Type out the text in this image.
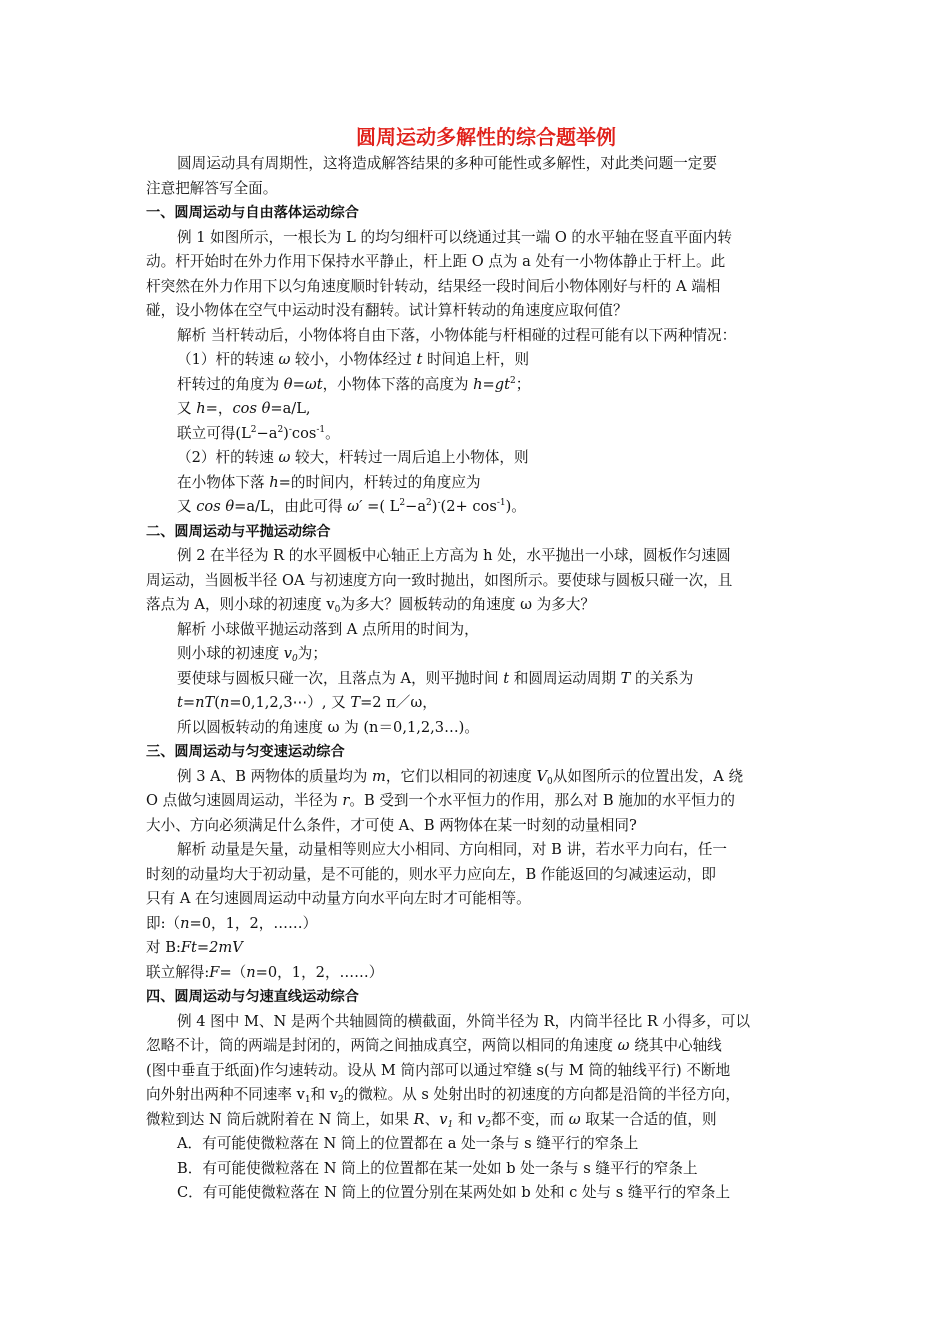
圆周运动多解性的综合题举例
圆周运动具有周期性，这将造成解答结果的多种可能性或多解性，对此类问题一定要
注意把解答写全面。
一、圆周运动与自由落体运动综合
例 1 如图所示，一根长为 L 的均匀细杆可以绕通过其一端 O 的水平轴在竖直平面内转
动。杆开始时在外力作用下保持水平静止，杆上距 O 点为 a 处有一小物体静止于杆上。此
杆突然在外力作用下以匀角速度顺时针转动，结果经一段时间后小物体刚好与杆的 A 端相
碰，设小物体在空气中运动时没有翻转。试计算杆转动的角速度应取何值？
解析 当杆转动后，小物体将自由下落，小物体能与杆相碰的过程可能有以下两种情况：
（1）杆的转速 ω 较小，小物体经过 t 时间追上杆，则
杆转过的角度为 θ=ωt，小物体下落的高度为 $h=gt^2$；
又 h=，cos θ=a/L,
联立可得$(L^2-a^2)^-\cos^{-1}$。
（2）杆的转速 ω 较大，杆转过一周后追上小物体，则
在小物体下落 h=的时间内，杆转过的角度应为
又 cos θ=a/L，由此可得 ω′ =( $L^2-a^2)^-(2+ \cos^{-1})$。
二、圆周运动与平抛运动综合
例 2 在半径为 R 的水平圆板中心轴正上方高为 h 处，水平抛出一小球，圆板作匀速圆
周运动，当圆板半径 OA 与初速度方向一致时抛出，如图所示。要使球与圆板只碰一次，且
落点为 A，则小球的初速度 $v_0$为多大？圆板转动的角速度 ω 为多大？
解析 小球做平抛运动落到 A 点所用的时间为，
则小球的初速度 $v_0$为；
要使球与圆板只碰一次，且落点为 A，则平抛时间 t 和圆周运动周期 T 的关系为
t=nT(n=0,1,2,3⋯）, 又 T=2 π／ω，
所以圆板转动的角速度 ω 为 (n＝0,1,2,3…)。
三、圆周运动与匀变速运动综合
例 3 A、B 两物体的质量均为 m，它们以相同的初速度 $V_0$从如图所示的位置出发，A 绕
O 点做匀速圆周运动，半径为 r。B 受到一个水平恒力的作用，那么对 B 施加的水平恒力的
大小、方向必须满足什么条件，才可使 A、B 两物体在某一时刻的动量相同?
解析 动量是矢量，动量相等则应大小相同、方向相同，对 B 讲，若水平力向右，任一
时刻的动量均大于初动量，是不可能的，则水平力应向左，B 作能返回的匀减速运动，即
只有 A 在匀速圆周运动中动量方向水平向左时才可能相等。
即:（n=0，1，2，……）
对 B:Ft=2mV
联立解得:F=（n=0，1，2，……）
四、圆周运动与匀速直线运动综合
例 4 图中 M、N 是两个共轴圆筒的横截面，外筒半径为 R，内筒半径比 R 小得多，可以
忽略不计，筒的两端是封闭的，两筒之间抽成真空，两筒以相同的角速度 ω 绕其中心轴线
(图中垂直于纸面)作匀速转动。设从 M 筒内部可以通过窄缝 s(与 M 筒的轴线平行) 不断地
向外射出两种不同速率 $v_1$和 $v_2$的微粒。从 s 处射出时的初速度的方向都是沿筒的半径方向，
微粒到达 N 筒后就附着在 N 筒上，如果 R、$v_1$ 和 $v_2$都不变，而 ω 取某一合适的值，则
A．有可能使微粒落在 N 筒上的位置都在 a 处一条与 s 缝平行的窄条上
B．有可能使微粒落在 N 筒上的位置都在某一处如 b 处一条与 s 缝平行的窄条上
C．有可能使微粒落在 N 筒上的位置分别在某两处如 b 处和 c 处与 s 缝平行的窄条上
